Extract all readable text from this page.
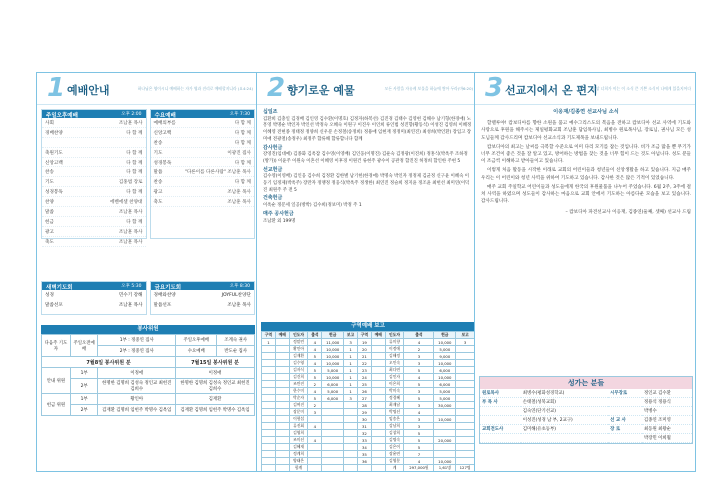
1 예배안내	하나님은 영이시니 예배하는 자가 영과 진리로 예배할지니라 (요4:24)
주일오후예배	오후 2:00
사회	조남훈 목사
경배찬양	다 함 께
축원기도	다 함 께
신앙고백	다 함 께
찬송	다 함 께
기도	김홍범 장로
성경봉독	다 함 께
찬양	에벤에셀 찬양대
말씀	조남훈 목사
헌금	다 함 께
광고	조남훈 목사
축도	조남훈 목사
수요예배	오후 7:30
예배의부름	다 함 께
신앙고백	다 함 께
찬송	다 함 께
기도	이광진 집사
성경봉독	다 함 께
말씀	"다른이를 다른사람" 조남훈 목사
찬송	다 함 께
광고	조남훈 목사
축도	조남훈 목사
새벽기도회	오후 5:30
성경	민수기 강해
말씀선포	조남훈 목사
금요기도회	오후 8:30
경배와찬양	JOYFUL찬양단
말씀선포	조남훈 목사
봉사위원
다음주 기도자	주일오전예배	1부 : 정중연 집사	주일오후예배	조계숙 권사
		2부 : 정중연 집사	수요예배	반도순 집사
7월8일 봉사위원 분			7월15일 봉사위원 분	
안내 위원	1부	이정애	이정애	
	2부	한명한 김명희 김성숙 정인교 최헌진 김희수	한명한 김명희 김성숙 정인교 최헌진 김희수	
헌금 위원	1부	황인아	김재환	
	2부	김재환 김명희 임헌주 박명수 김옥임	김재환 김명희 임헌주 박명수 김옥임	
2 향기로운 예물	모든 사람을 자유케 보물을 하늘에 쌓아 두라(마6:20)

십일조
김환희 김충일 김경배 김인영 김수환(이명호) 김정자(하복선) 김진경 김태수 김영현 김해수 남기형(한경애) 노흥영 박명순 박인자 박인선 박정숙 오혜숙 이원구 이진우 이인희 류인범 성진향(황동석) 이성진 김영희 이혜정 이혜영 전현종 정태정 정양희 신우분 손정철(송정희) 정용애 임현재 정정미(최연진) 최성희(박인환) 장입고 장미애 전광철(송정우) 최정주 합류해 합류합니다 함께

감사헌금
강영진(임대예) 김종화 김옥잠 김수영(이영배) 김인웅(이명진) 김운숙 김정광(이진희) 정홍식(박옥주 조하정(방가)) 이윤주 이원숙 이혼선 이혜영 이후경 이원건 류현주 광수이 공관정 합진진 허정희 합인한 주현 5

선교헌금
김수영(이영배) 김인웅 김수희 김정환 김한별 남기헌(한경애) 박명숙 박인자 정정제 김균정 신구윤 이혜숙 이동기 임정제(박옥주) 장만자 정맹정 정웅식(박옥주 정생한) 최연진 정슬희 정지윤 정조윤 최헌선 최미연(이덕진 최원주 주 전 5

건축헌금
이옥순 정문세 일공(방박) 김수희(정보미) 박정 주 1

매주 공사헌금
조남환 외 199명

구역예배 보고
구역	예배	인도자	출석	헌금	보고	구역	예배	인도자	출석	헌금	보고
1		정말련	4	11,000	3	19		류미향	4	10,000	3
		황인아	4	10,000	1	20		이정애	2	5,000	
		김재환	5	10,000	1	21		김해정	3	9,000	
		김수영	4	10,000	1	22		오인숙	3	10,000	
		김자식	5	5,000	1	23		최다연	5	6,000	
		김건희	5	10,000	1	24		김인자	4	10,000	
		조만진	2	6,000	1	25		이은희	5	6,000	
		한수미	4	5,000	1	26		박미숙	3	5,000	
		박순자	5	6,000	3	27		정경혜	5	5,000	
		김여진	2			28		최재남	3	30,000	
		장문미	3			29		박명선	4		
		이형섭				30		임송은	3	10,000	
		류진회	4			31		강남희	3		
		김영희				32		김창희	5		
		조미선	4			33		김명숙	5	20,000	
		김혜재				34		김은이	5		
		정계희				35		장윤연	7		
		양태은				36		김영분	4	10,000	
		합계						계	297,000원	1,61명	127명
3 선교지에서 온 편지
항상 너희가 이는 이 소식 큰 기쁜 소식이 나에게 있을지어다
이응재/김종연 선교사님 소식

할렐루야! 캄보디아를 향한 소원을 품고 예수그리스도의 복음을 전하고 캄보디아 선교 사역에 기도와 사랑으로 후원을 해주시는 제일평화교회 조남훈 담임목사님, 최병수 원로목사님, 장로님, 권사님 모든 성도님들께 감사드리며 캄보디아 선교소식과 기도제목을 보내드립니다.

캄보디아의 최고는 날씨를 극복할 수준으로 이미 다리 모기를 잡는 것입니다. 비가 조금 많을 뿐 무기가 너무 조건이 좋은 것을 잘 알고 있고, 방어하는 방법을 찾는 것을 너무 힘이 드는 것도 아닙니다. 성도 분들이 조금씩 이해하고 받아들이고 있습니다.

이렇게 처음 활동을 시작한 이래로 교회의 어린이들과 청년들이 신앙생활을 하고 있습니다. 지금 매주 우리는 이 어린이와 청년 사역을 위하여 기도하고 있습니다. 감사한 것은 많은 기적이 있었습니다.

매주 교회 주일학교 어린이들과 성도들에게 한국의 후원물품을 나누어 주었습니다. 6월 2주, 3주에 걸쳐 사역을 하였으며 성도들이 감사하는 마음으로 교회 안에서 기도하는 아름다운 모습을 보고 있습니다. 감사드립니다.

– 캄보디아 파견선교사 이응재, 김종연(둘째, 셋째) 선교사 드림
성가는 분들
원로목사	최병수(평화성경학교)	시무장로	정인교 김수환
부 목 사	손태철(성북교회)		정용석 정용식
	김숙연(단기선교)		박병수
	이성진(성경 남 부, 2교구)	선 교 사	김종연 조미영
교회전도사	김미해(유초등부)	장 로	최동원 최왕순
			박장민 이희월
